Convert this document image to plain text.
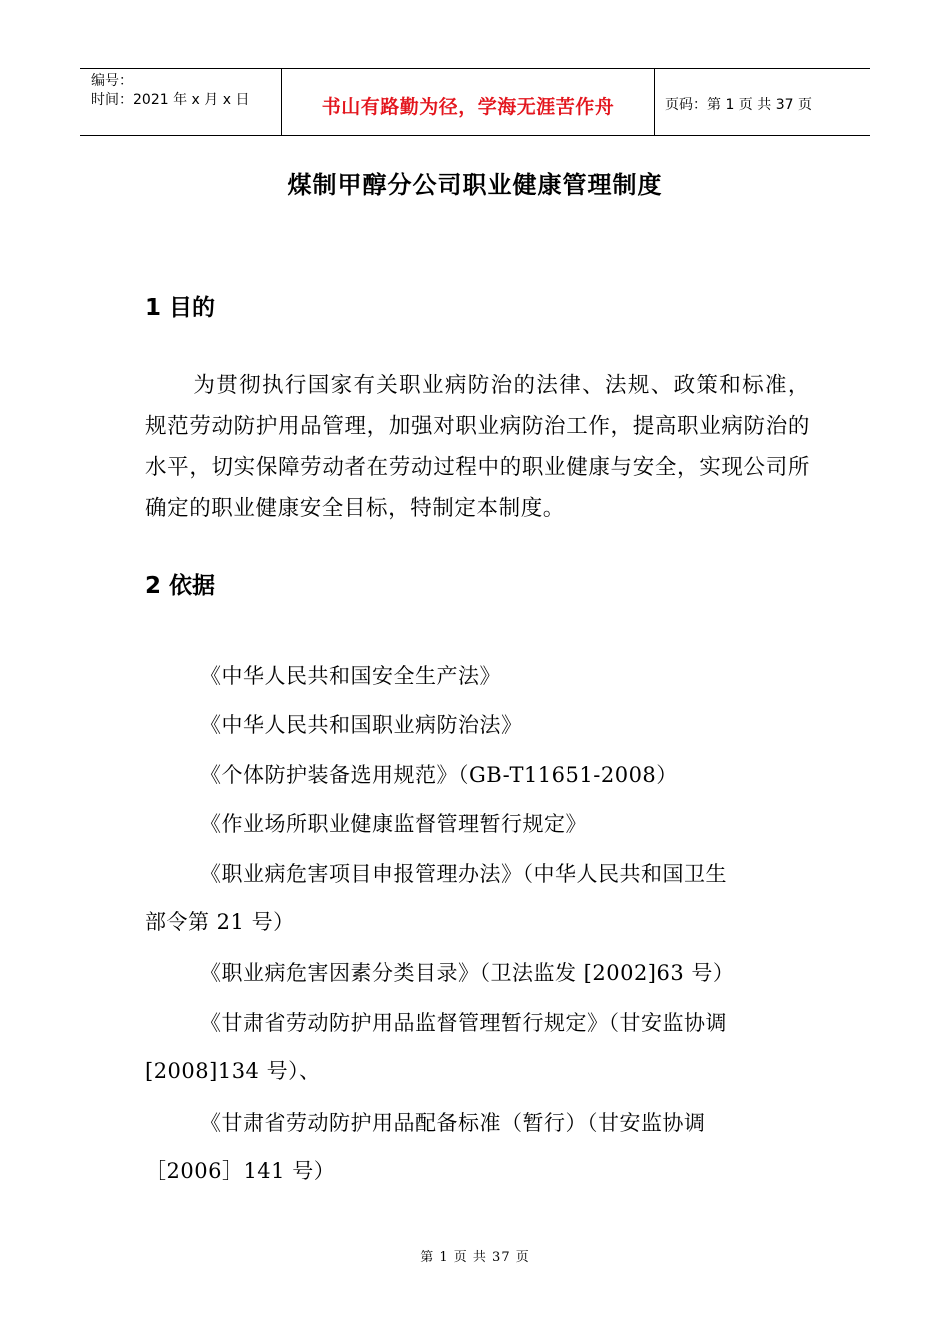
编号：
时间：2021 年 x 月 x 日	书山有路勤为径，学海无涯苦作舟	页码：第 1 页 共 37 页
煤制甲醇分公司职业健康管理制度
1 目的
为贯彻执行国家有关职业病防治的法律、法规、政策和标准，规范劳动防护用品管理，加强对职业病防治工作，提高职业病防治的水平，切实保障劳动者在劳动过程中的职业健康与安全，实现公司所确定的职业健康安全目标，特制定本制度。
2 依据
《中华人民共和国安全生产法》
《中华人民共和国职业病防治法》
《个体防护装备选用规范》（GB-T11651-2008）
《作业场所职业健康监督管理暂行规定》
《职业病危害项目申报管理办法》（中华人民共和国卫生
部令第 21 号）
《职业病危害因素分类目录》（卫法监发 [2002]63 号）
《甘肃省劳动防护用品监督管理暂行规定》（甘安监协调
[2008]134 号）、
《甘肃省劳动防护用品配备标准（暂行）（甘安监协调
［2006］141 号）
第 1 页 共 37 页
